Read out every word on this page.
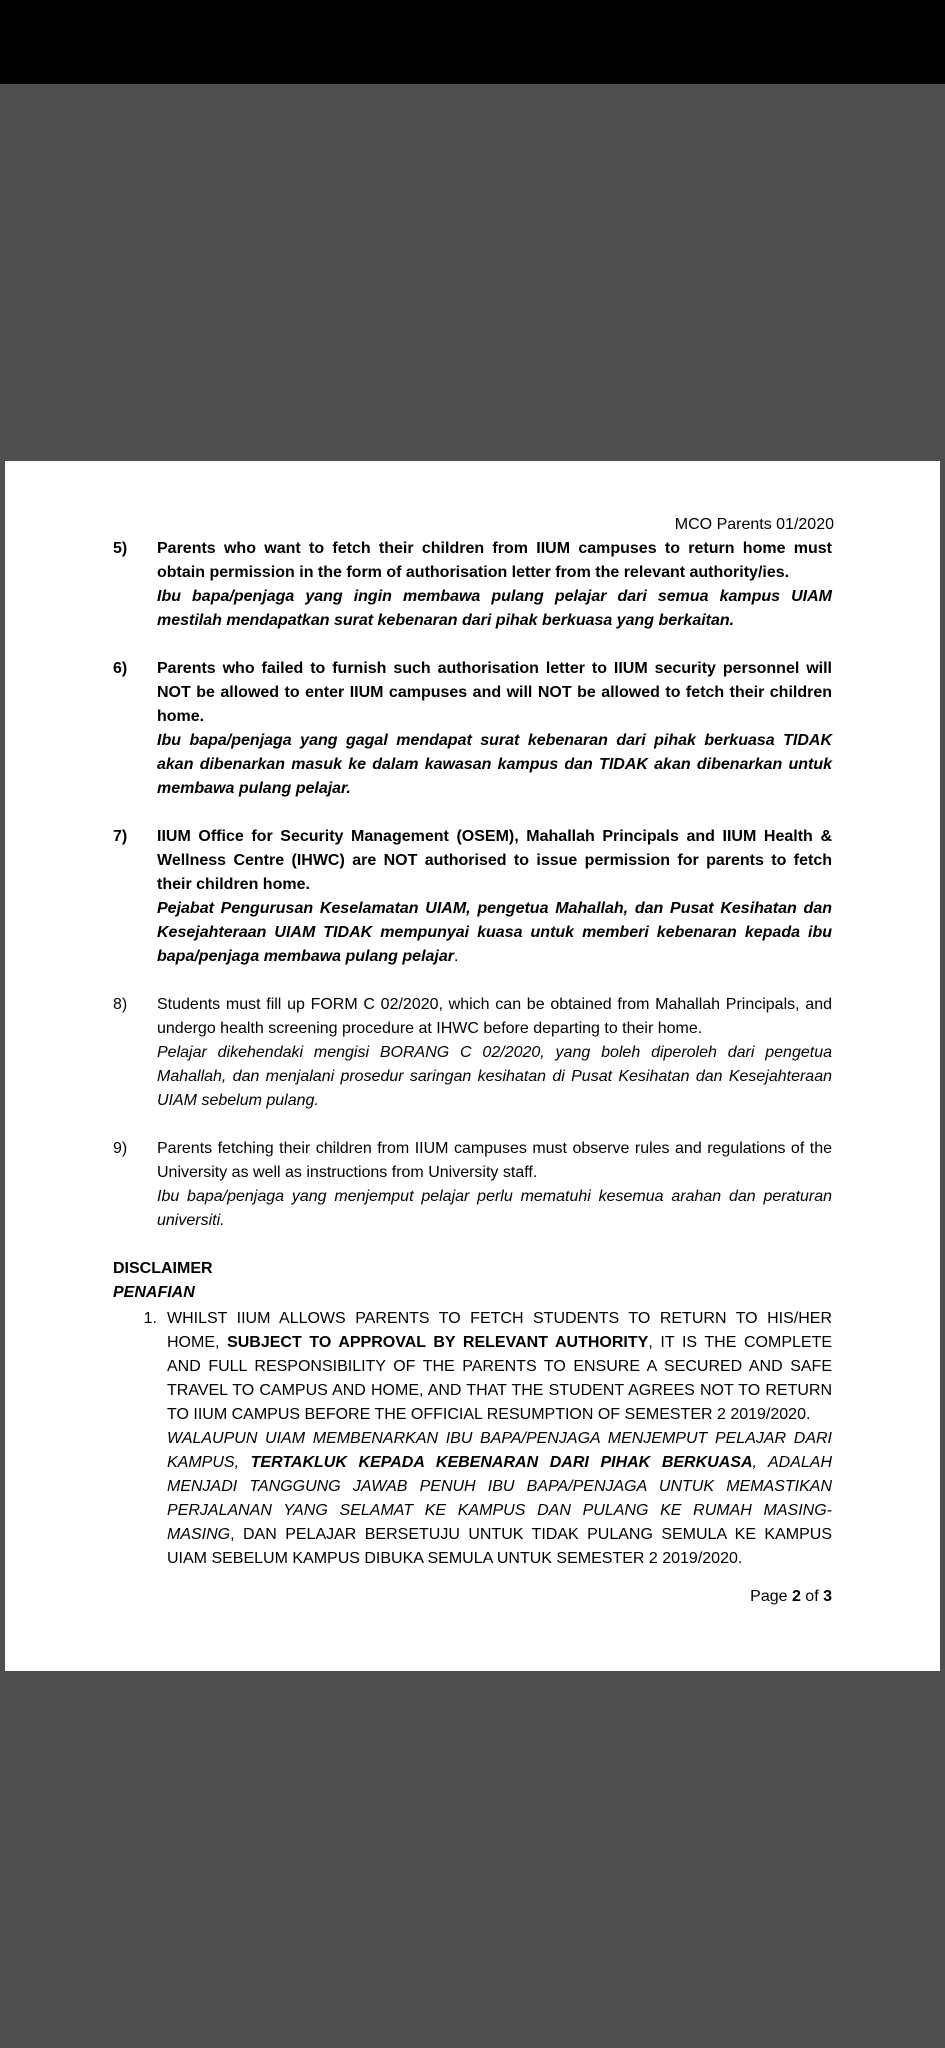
MCO Parents 01/2020
5)	Parents who want to fetch their children from IIUM campuses to return home must obtain permission in the form of authorisation letter from the relevant authority/ies.
Ibu bapa/penjaga yang ingin membawa pulang pelajar dari semua kampus UIAM mestilah mendapatkan surat kebenaran dari pihak berkuasa yang berkaitan.
6)	Parents who failed to furnish such authorisation letter to IIUM security personnel will NOT be allowed to enter IIUM campuses and will NOT be allowed to fetch their children home.
Ibu bapa/penjaga yang gagal mendapat surat kebenaran dari pihak berkuasa TIDAK akan dibenarkan masuk ke dalam kawasan kampus dan TIDAK akan dibenarkan untuk membawa pulang pelajar.
7)	IIUM Office for Security Management (OSEM), Mahallah Principals and IIUM Health & Wellness Centre (IHWC) are NOT authorised to issue permission for parents to fetch their children home.
Pejabat Pengurusan Keselamatan UIAM, pengetua Mahallah, dan Pusat Kesihatan dan Kesejahteraan UIAM TIDAK mempunyai kuasa untuk memberi kebenaran kepada ibu bapa/penjaga membawa pulang pelajar.
8)	Students must fill up FORM C 02/2020, which can be obtained from Mahallah Principals, and undergo health screening procedure at IHWC before departing to their home.
Pelajar dikehendaki mengisi BORANG C 02/2020, yang boleh diperoleh dari pengetua Mahallah, dan menjalani prosedur saringan kesihatan di Pusat Kesihatan dan Kesejahteraan UIAM sebelum pulang.
9)	Parents fetching their children from IIUM campuses must observe rules and regulations of the University as well as instructions from University staff.
Ibu bapa/penjaga yang menjemput pelajar perlu mematuhi kesemua arahan dan peraturan universiti.
DISCLAIMER
PENAFIAN
1. WHILST IIUM ALLOWS PARENTS TO FETCH STUDENTS TO RETURN TO HIS/HER HOME, SUBJECT TO APPROVAL BY RELEVANT AUTHORITY, IT IS THE COMPLETE AND FULL RESPONSIBILITY OF THE PARENTS TO ENSURE A SECURED AND SAFE TRAVEL TO CAMPUS AND HOME, AND THAT THE STUDENT AGREES NOT TO RETURN TO IIUM CAMPUS BEFORE THE OFFICIAL RESUMPTION OF SEMESTER 2 2019/2020.
WALAUPUN UIAM MEMBENARKAN IBU BAPA/PENJAGA MENJEMPUT PELAJAR DARI KAMPUS, TERTAKLUK KEPADA KEBENARAN DARI PIHAK BERKUASA, ADALAH MENJADI TANGGUNG JAWAB PENUH IBU BAPA/PENJAGA UNTUK MEMASTIKAN PERJALANAN YANG SELAMAT KE KAMPUS DAN PULANG KE RUMAH MASING-MASING, DAN PELAJAR BERSETUJU UNTUK TIDAK PULANG SEMULA KE KAMPUS UIAM SEBELUM KAMPUS DIBUKA SEMULA UNTUK SEMESTER 2 2019/2020.
Page 2 of 3
